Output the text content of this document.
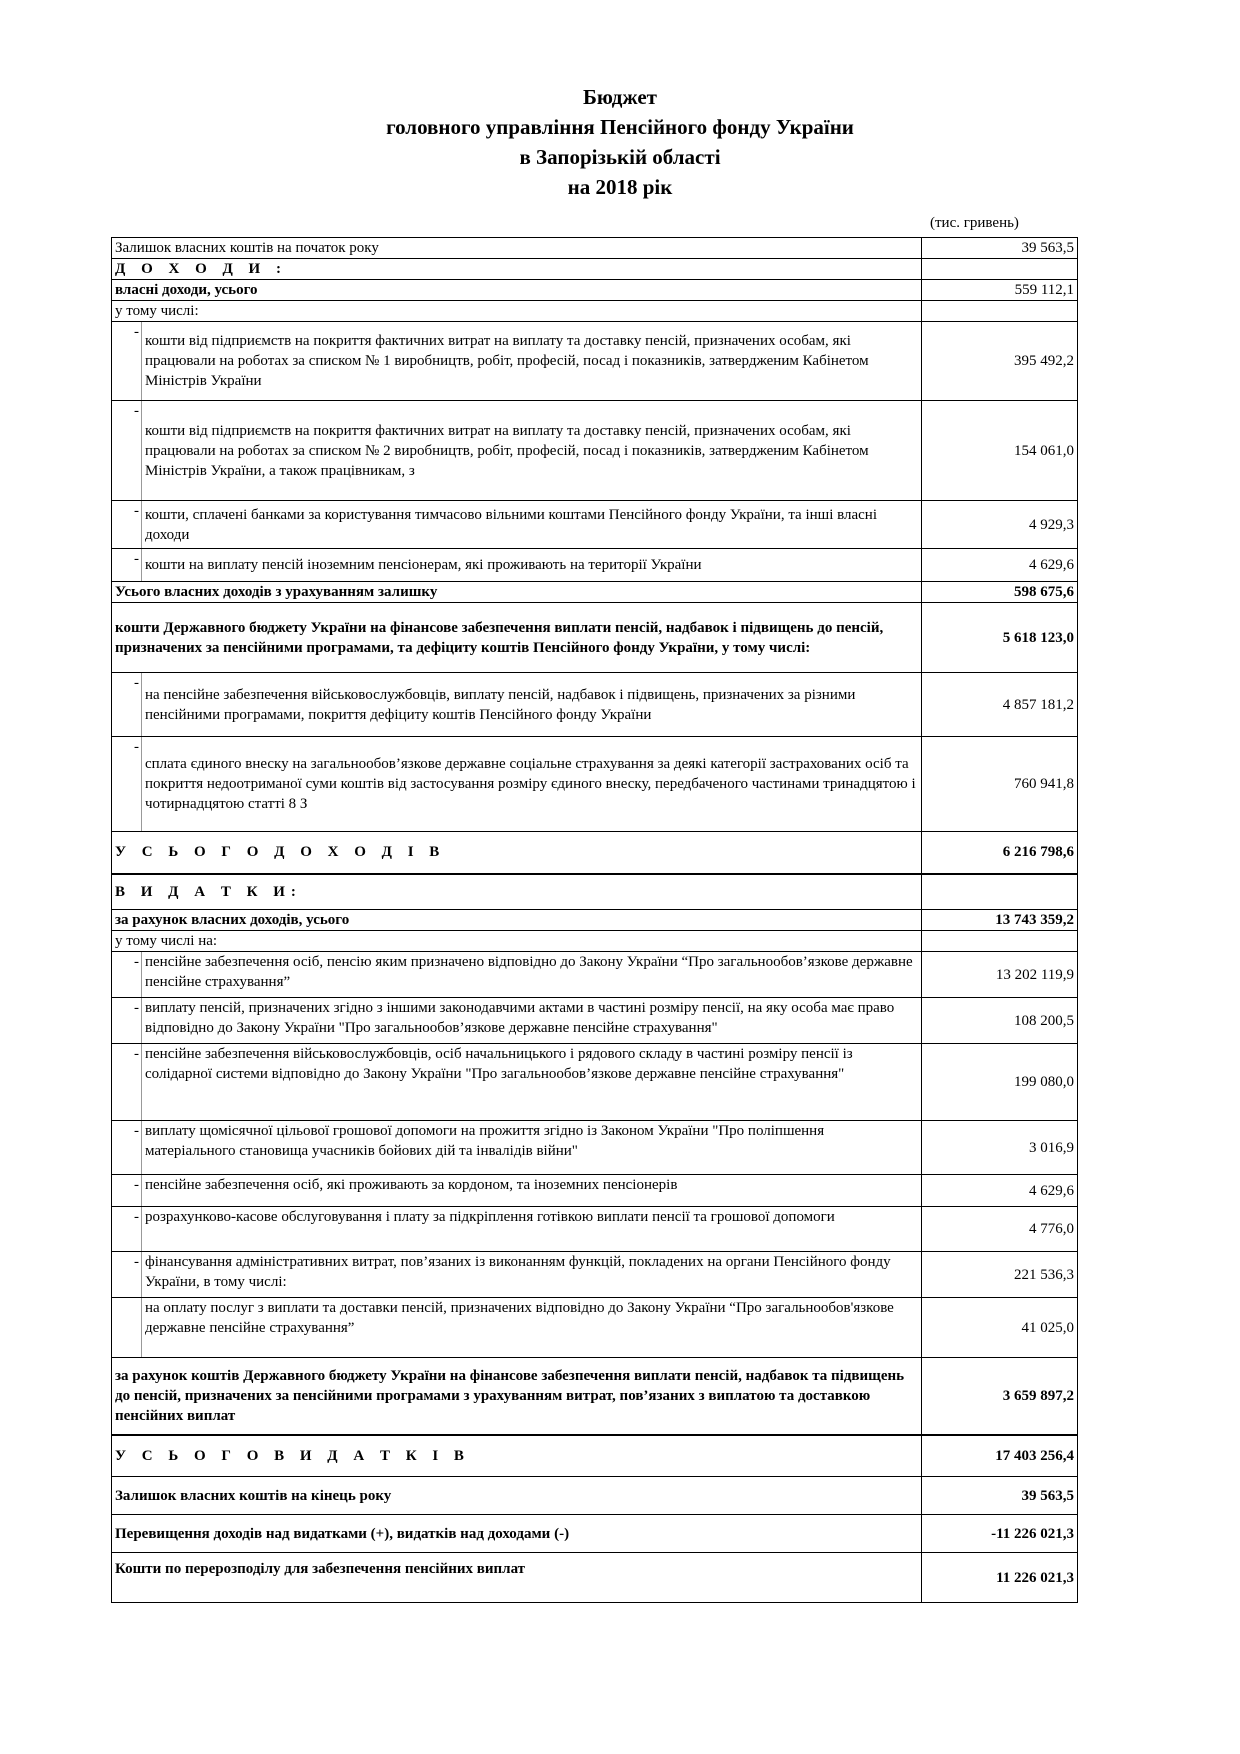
Бюджет
головного управління Пенсійного фонду України
в Запорізькій області
на 2018 рік
(тис. гривень)
Залишок власних коштів на початок року		39 563,5
Д О Х О Д И :		
власні доходи, усього		559 112,1
у тому числі:		
-	кошти від підприємств на покриття фактичних витрат на виплату та доставку пенсій, призначених особам, які працювали на роботах за списком № 1 виробництв, робіт, професій, посад і показників, затвердженим Кабінетом Міністрів України	395 492,2
-	кошти від підприємств на покриття фактичних витрат на виплату та доставку пенсій, призначених особам, які працювали на роботах за списком № 2 виробництв, робіт, професій, посад і показників, затвердженим Кабінетом Міністрів України, а також працівникам, з	154 061,0
-	кошти, сплачені банками за користування тимчасово вільними коштами Пенсійного фонду України, та інші власні доходи	4 929,3
-	кошти на виплату пенсій іноземним пенсіонерам, які проживають на території України	4 629,6
Усього власних доходів з урахуванням залишку		598 675,6
кошти Державного бюджету України на фінансове забезпечення виплати пенсій, надбавок і підвищень до пенсій, призначених за пенсійними програмами, та дефіциту коштів Пенсійного фонду України, у тому числі:		5 618 123,0
-	на пенсійне забезпечення військовослужбовців, виплату пенсій, надбавок і підвищень, призначених за різними пенсійними програмами, покриття дефіциту коштів Пенсійного фонду України	4 857 181,2
-	сплата єдиного внеску на загальнообов’язкове державне соціальне страхування за деякі категорії застрахованих осіб та покриття недоотриманої суми коштів від застосування розміру єдиного внеску, передбаченого частинами тринадцятою і чотирнадцятою статті 8 З	760 941,8
У С Ь О Г О Д О Х О Д І В		6 216 798,6
В И Д А Т К И:		
за рахунок власних доходів, усього		13 743 359,2
у тому числі на:		
-	пенсійне забезпечення осіб, пенсію яким призначено відповідно до Закону України “Про загальнообов’язкове державне пенсійне страхування”	13 202 119,9
-	виплату пенсій, призначених згідно з іншими законодавчими актами в частині розміру пенсії, на яку особа має право відповідно до Закону України "Про загальнообов’язкове державне пенсійне страхування"	108 200,5
-	пенсійне забезпечення військовослужбовців, осіб начальницького і рядового складу в частині розміру пенсії із солідарної системи відповідно до Закону України "Про загальнообов’язкове державне пенсійне страхування"	199 080,0
-	виплату щомісячної цільової грошової допомоги на прожиття згідно із Законом України "Про поліпшення матеріального становища учасників бойових дій та інвалідів війни"	3 016,9
-	пенсійне забезпечення осіб, які проживають за кордоном, та іноземних пенсіонерів	4 629,6
-	розрахунково-касове обслуговування і плату за підкріплення готівкою виплати пенсії та грошової допомоги	4 776,0
-	фінансування адміністративних витрат, пов’язаних із виконанням функцій, покладених на органи Пенсійного фонду України, в тому числі:	221 536,3
	на оплату послуг з виплати та доставки пенсій, призначених відповідно до Закону України “Про загальнообов'язкове державне пенсійне страхування”	41 025,0
за рахунок коштів Державного бюджету України на фінансове забезпечення виплати пенсій, надбавок та підвищень до пенсій, призначених за пенсійними програмами з урахуванням витрат, пов’язаних з виплатою та доставкою пенсійних виплат		3 659 897,2
У С Ь О Г О В И Д А Т К І В		17 403 256,4
Залишок власних коштів на кінець року		39 563,5
Перевищення доходів над видатками (+), видатків над доходами (-)		-11 226 021,3
Кошти по перерозподілу для забезпечення пенсійних виплат		11 226 021,3
